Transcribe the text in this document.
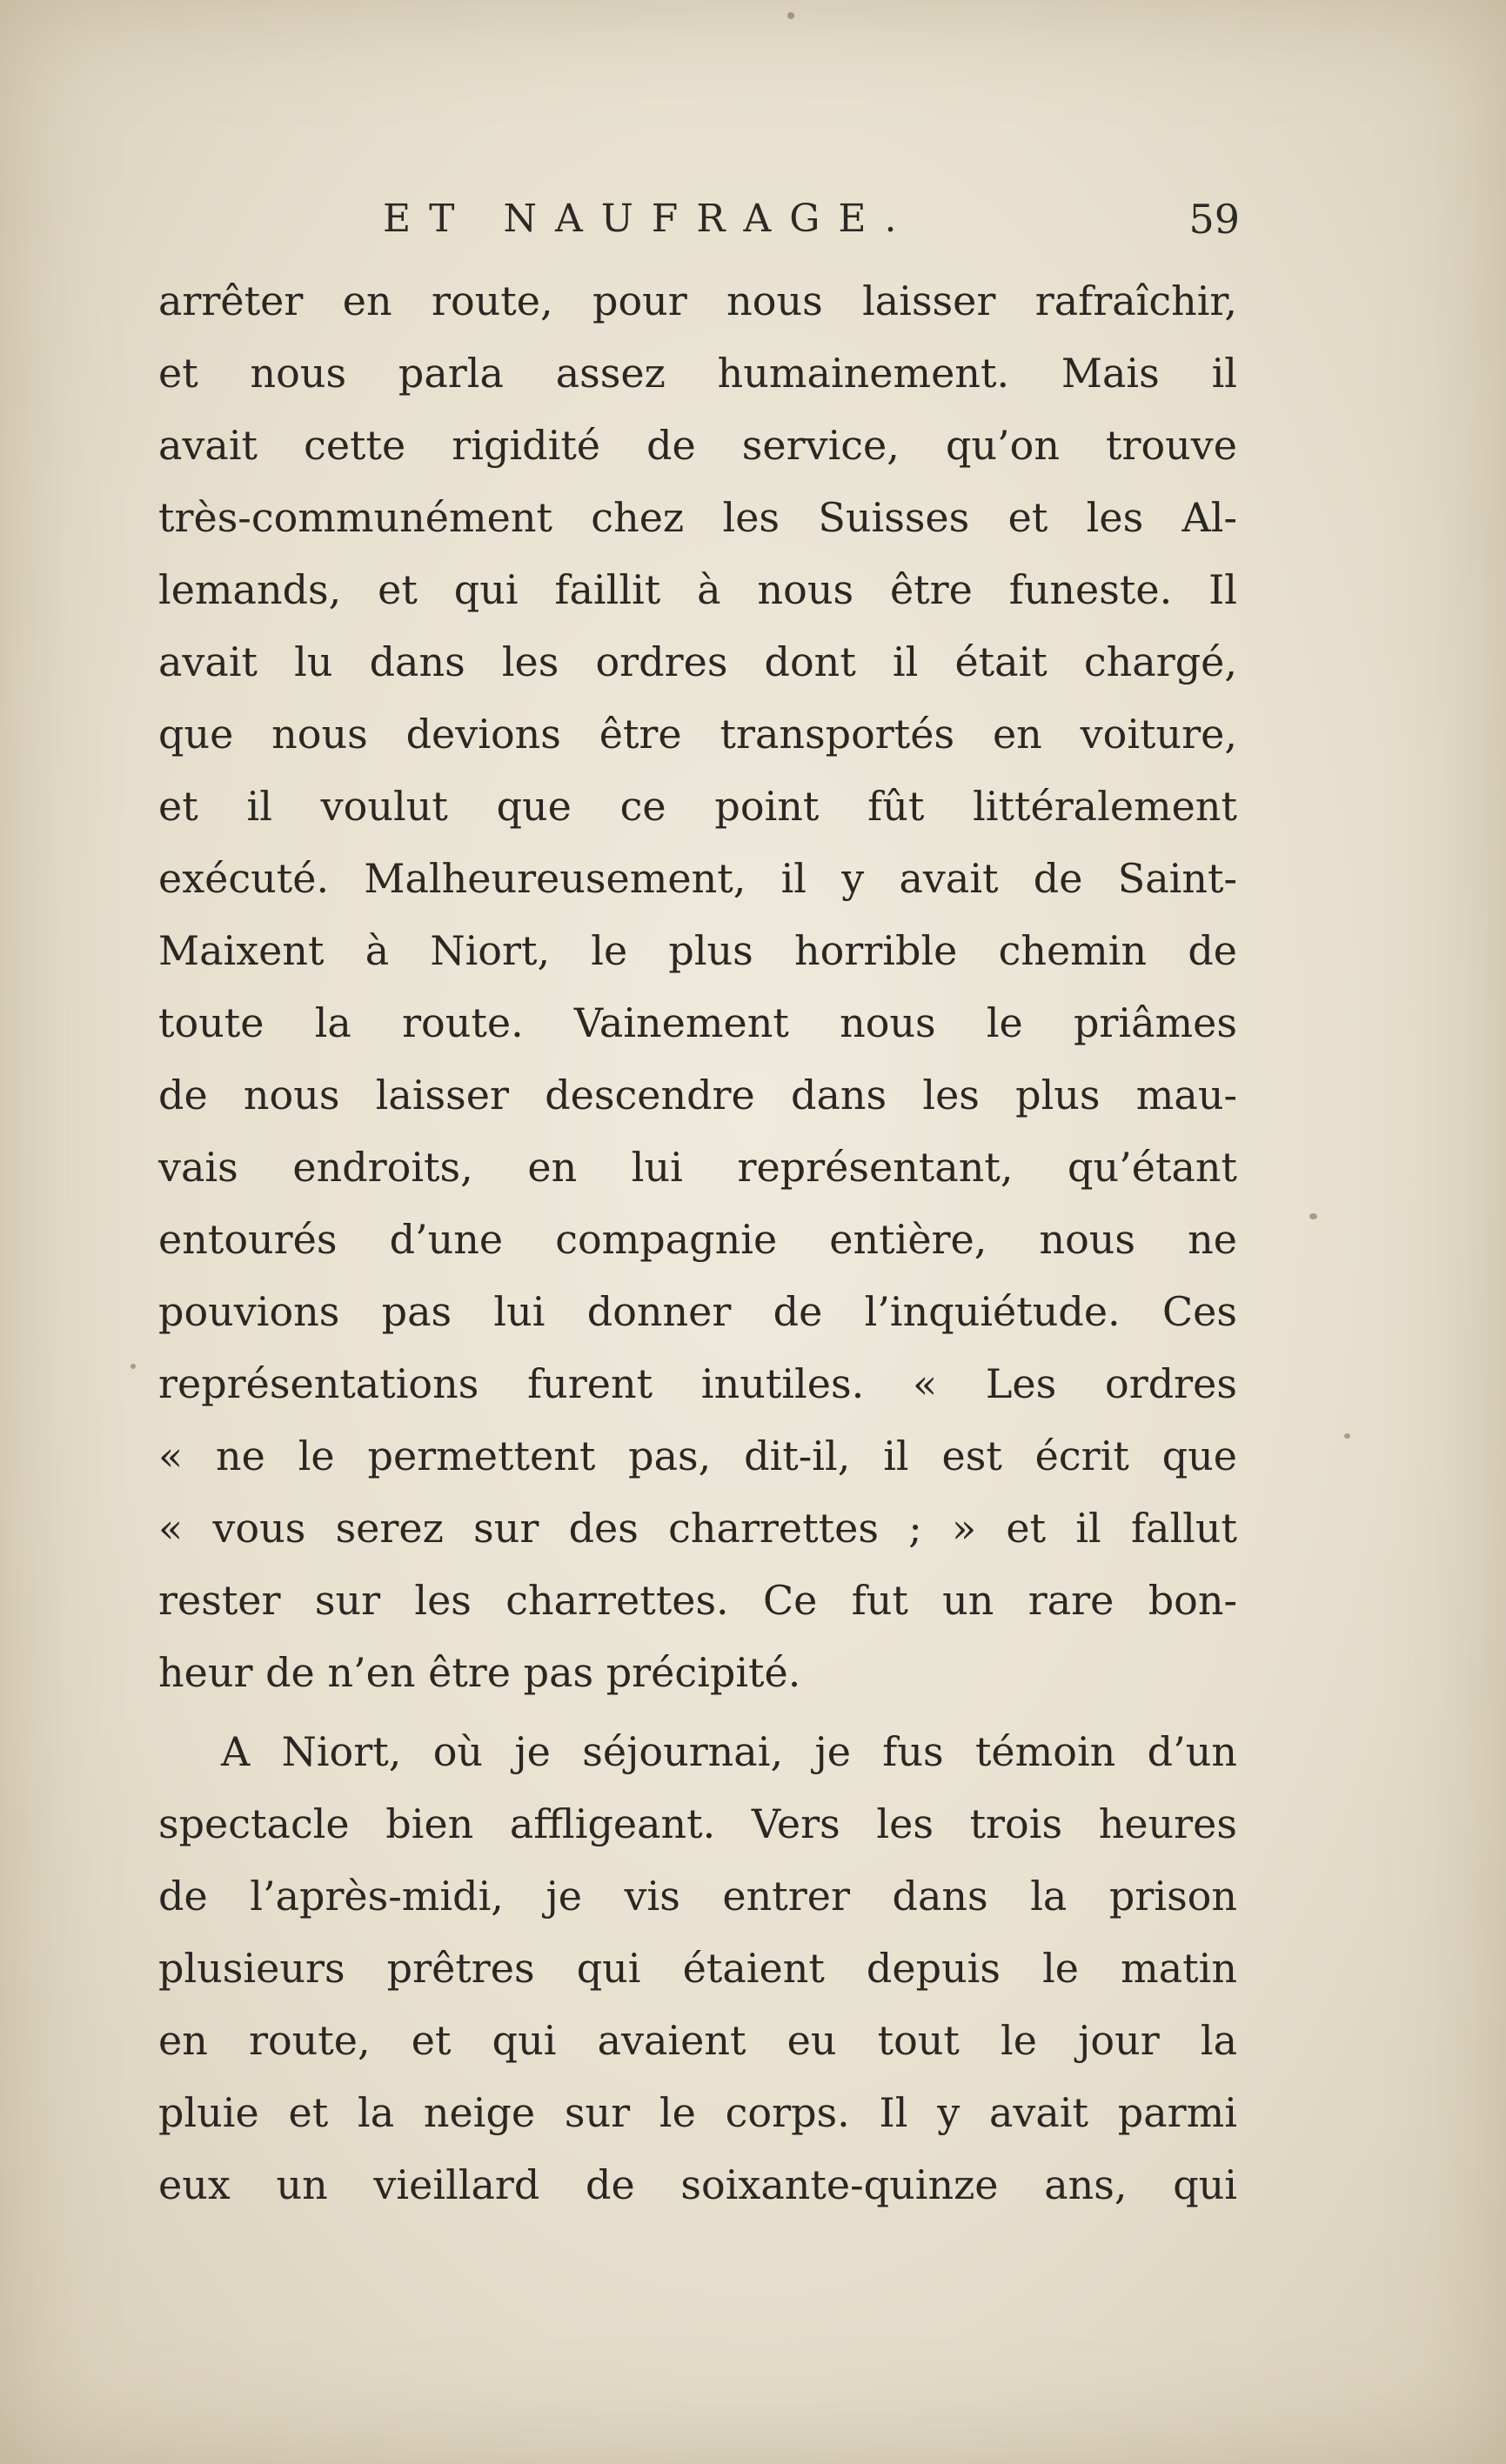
ET NAUFRAGE.	59
arrêter en route, pour nous laisser rafraîchir,
et nous parla assez humainement. Mais il
avait cette rigidité de service, qu’on trouve
très-communément chez les Suisses et les Al-
lemands, et qui faillit à nous être funeste. Il
avait lu dans les ordres dont il était chargé,
que nous devions être transportés en voiture,
et il voulut que ce point fût littéralement
exécuté. Malheureusement, il y avait de Saint-
Maixent à Niort, le plus horrible chemin de
toute la route. Vainement nous le priâmes
de nous laisser descendre dans les plus mau-
vais endroits, en lui représentant, qu’étant
entourés d’une compagnie entière, nous ne
pouvions pas lui donner de l’inquiétude. Ces
représentations furent inutiles. « Les ordres
« ne le permettent pas, dit-il, il est écrit que
« vous serez sur des charrettes ; » et il fallut
rester sur les charrettes. Ce fut un rare bon-
heur de n’en être pas précipité.
A Niort, où je séjournai, je fus témoin d’un
spectacle bien affligeant. Vers les trois heures
de l’après-midi, je vis entrer dans la prison
plusieurs prêtres qui étaient depuis le matin
en route, et qui avaient eu tout le jour la
pluie et la neige sur le corps. Il y avait parmi
eux un vieillard de soixante-quinze ans, qui
